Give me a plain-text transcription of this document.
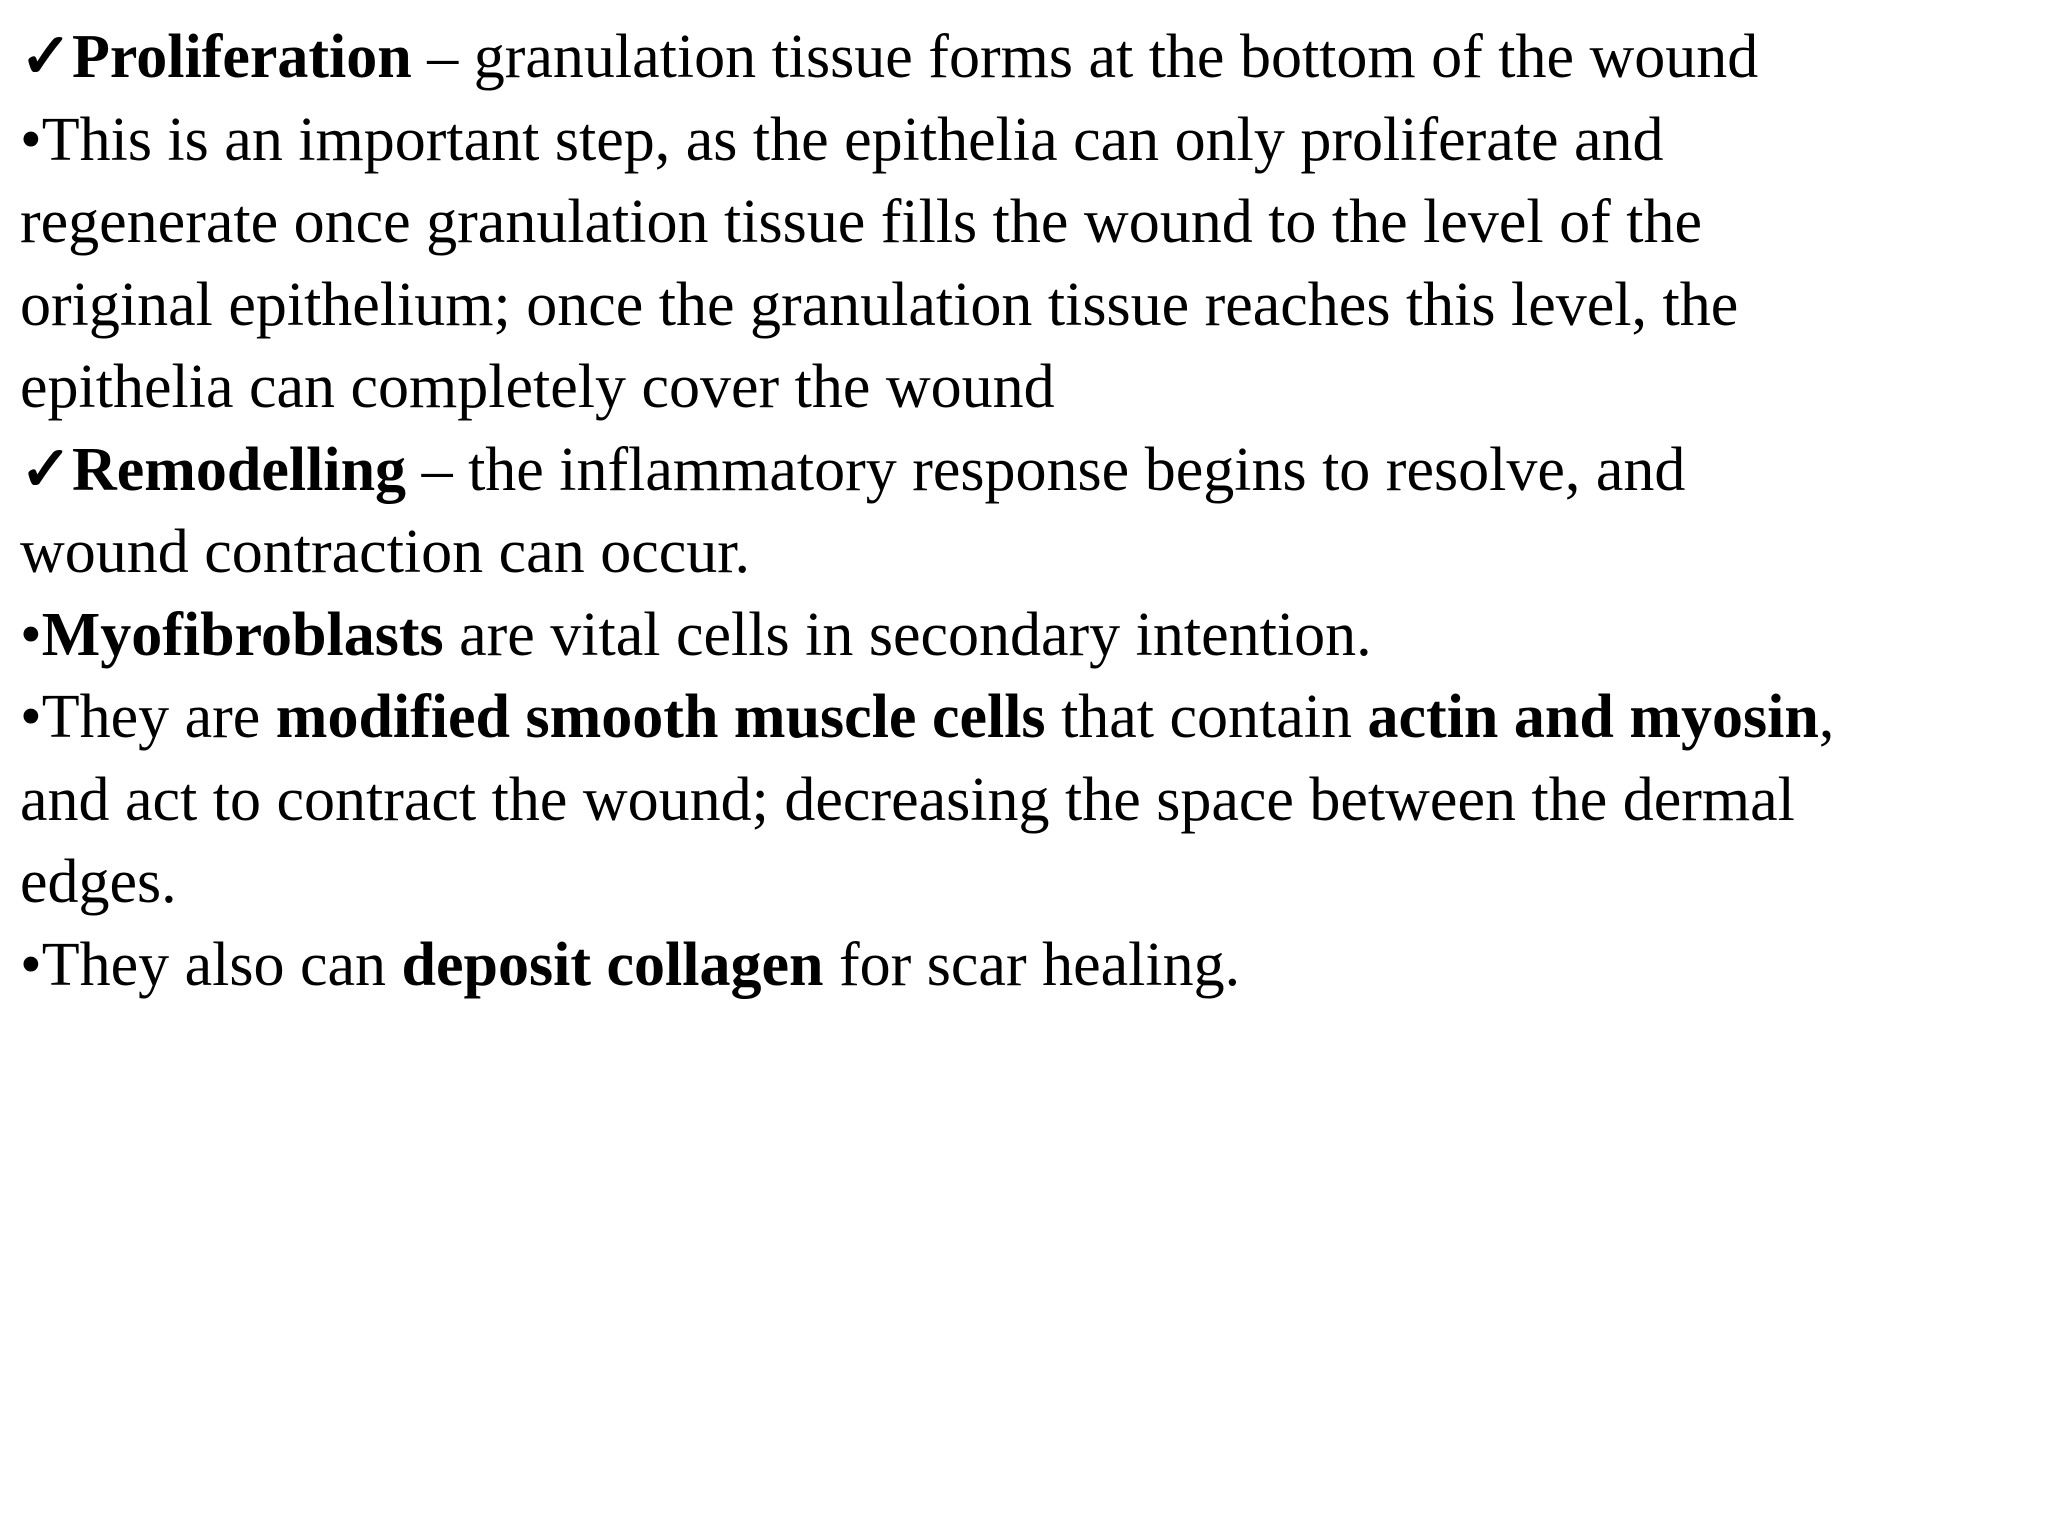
✓Proliferation – granulation tissue forms at the bottom of the wound
•This is an important step, as the epithelia can only proliferate and
regenerate once granulation tissue fills the wound to the level of the
original epithelium; once the granulation tissue reaches this level, the
epithelia can completely cover the wound
✓Remodelling – the inflammatory response begins to resolve, and
wound contraction can occur.
•Myofibroblasts are vital cells in secondary intention.
•They are modified smooth muscle cells that contain actin and myosin,
and act to contract the wound; decreasing the space between the dermal
edges.
•They also can deposit collagen for scar healing.
